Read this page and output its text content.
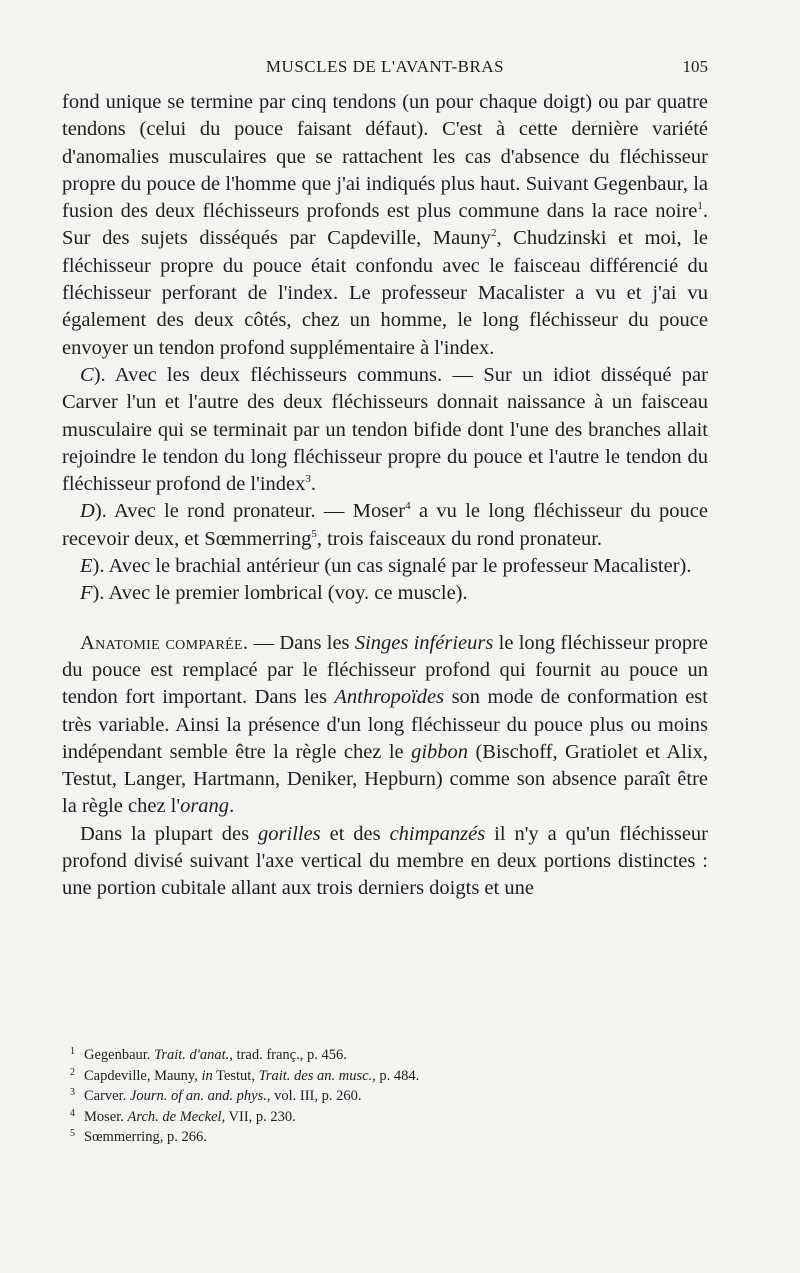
MUSCLES DE L'AVANT-BRAS	105

fond unique se termine par cinq tendons (un pour chaque doigt) ou par quatre tendons (celui du pouce faisant défaut). C'est à cette dernière variété d'anomalies musculaires que se rattachent les cas d'absence du fléchisseur propre du pouce de l'homme que j'ai indiqués plus haut. Suivant Gegenbaur, la fusion des deux fléchisseurs profonds est plus commune dans la race noire$^1$. Sur des sujets disséqués par Capdeville, Mauny$^2$, Chudzinski et moi, le fléchisseur propre du pouce était confondu avec le faisceau différencié du fléchisseur perforant de l'index. Le professeur Macalister a vu et j'ai vu également des deux côtés, chez un homme, le long fléchisseur du pouce envoyer un tendon profond supplémentaire à l'index.

C). Avec les deux fléchisseurs communs. — Sur un idiot disséqué par Carver l'un et l'autre des deux fléchisseurs donnait naissance à un faisceau musculaire qui se terminait par un tendon bifide dont l'une des branches allait rejoindre le tendon du long fléchisseur propre du pouce et l'autre le tendon du fléchisseur profond de l'index$^3$.

D). Avec le rond pronateur. — Moser$^4$ a vu le long fléchisseur du pouce recevoir deux, et Sœmmerring$^5$, trois faisceaux du rond pronateur.

E). Avec le brachial antérieur (un cas signalé par le professeur Macalister).

F). Avec le premier lombrical (voy. ce muscle).

Anatomie comparée. — Dans les Singes inférieurs le long fléchisseur propre du pouce est remplacé par le fléchisseur profond qui fournit au pouce un tendon fort important. Dans les Anthropoïdes son mode de conformation est très variable. Ainsi la présence d'un long fléchisseur du pouce plus ou moins indépendant semble être la règle chez le gibbon (Bischoff, Gratiolet et Alix, Testut, Langer, Hartmann, Deniker, Hepburn) comme son absence paraît être la règle chez l'orang.

Dans la plupart des gorilles et des chimpanzés il n'y a qu'un fléchisseur profond divisé suivant l'axe vertical du membre en deux portions distinctes : une portion cubitale allant aux trois derniers doigts et une

1 Gegenbaur. Trait. d'anat., trad. franç., p. 456.
2 Capdeville, Mauny, in Testut, Trait. des an. musc., p. 484.
3 Carver. Journ. of an. and. phys., vol. III, p. 260.
4 Moser. Arch. de Meckel, VII, p. 230.
5 Sœmmerring, p. 266.
